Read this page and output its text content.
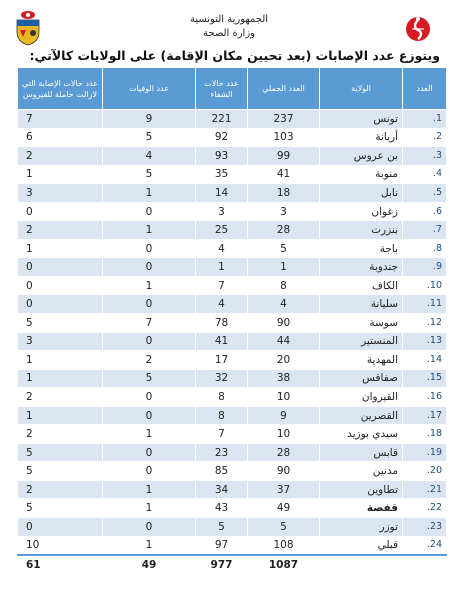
الجمهورية التونسية
وزارة الصحة
ويتوزع عدد الإصابات (بعد تحيين مكان الإقامة) على الولايات كالآتي:
العدد	الولاية	العدد الجملي	عدد حالات الشفاء	عدد الوفيات	عدد حالات الإصابة التي لازالت حاملة للفيروس
1.	تونس	237	221	9	7
2.	أريانة	103	92	5	6
3.	بن عروس	99	93	4	2
4.	منوبة	41	35	5	1
5.	نابل	18	14	1	3
6.	زغوان	3	3	0	0
7.	بنزرت	28	25	1	2
8.	باجة	5	4	0	1
9.	جندوبة	1	1	0	0
10.	الكاف	8	7	1	0
11.	سليانة	4	4	0	0
12.	سوسة	90	78	7	5
13.	المنستير	44	41	0	3
14.	المهدية	20	17	2	1
15.	صفاقس	38	32	5	1
16.	القيروان	10	8	0	2
17.	القصرين	9	8	0	1
18.	سيدي بوزيد	10	7	1	2
19.	قابس	28	23	0	5
20.	مدنين	90	85	0	5
21.	تطاوين	37	34	1	2
22.	قفصة	49	43	1	5
23.	توزر	5	5	0	0
24.	قبلي	108	97	1	10
		1087	977	49	61
